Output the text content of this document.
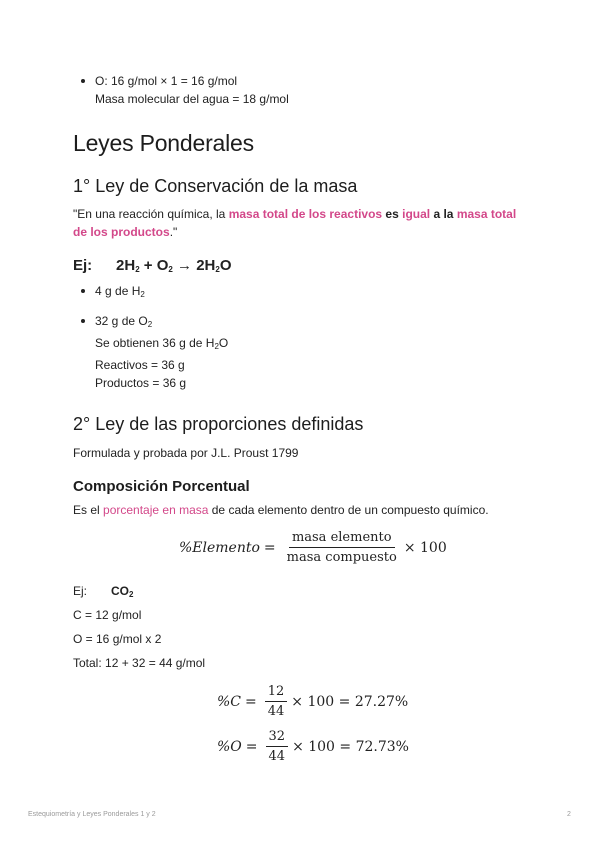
O: 16 g/mol × 1 = 16 g/mol
Masa molecular del agua = 18 g/mol
Leyes Ponderales
1° Ley de Conservación de la masa
"En una reacción química, la masa total de los reactivos es igual a la masa total de los productos."
Ej:	$2H_2 + O_2 \to 2H_2O$
4 g de $H_2$
32 g de $O_2$
Se obtienen 36 g de $H_2O$
Reactivos = 36 g
Productos = 36 g
2° Ley de las proporciones definidas
Formulada y probada por J.L. Proust 1799
Composición Porcentual
Es el porcentaje en masa de cada elemento dentro de un compuesto químico.
%Elemento = $\frac{\text{masa elemento}}{\text{masa compuesto}} \times 100$
Ej:	$CO_2$
C = 12 g/mol
O = 16 g/mol x 2
Total: 12 + 32 = 44 g/mol
$\%C = \frac{12}{44} \times 100 = 27.27\%$
$\%O = \frac{32}{44} \times 100 = 72.73\%$
Estequiometría y Leyes Ponderales 1 y 2	2
